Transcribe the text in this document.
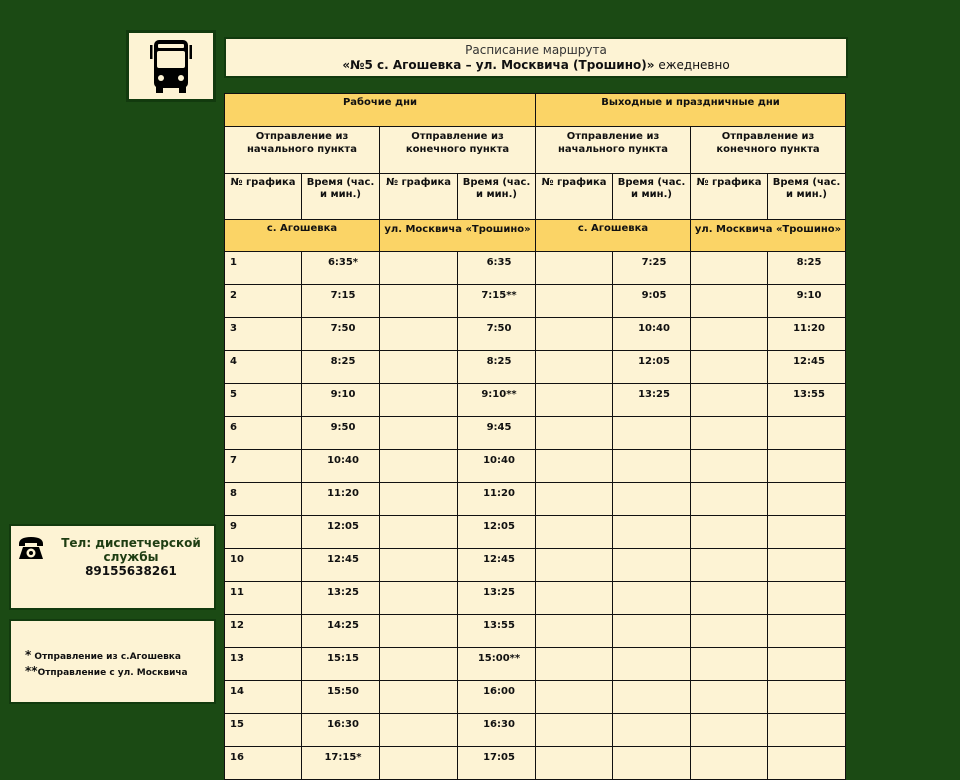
Расписание маршрута
«№5 с. Агошевка – ул. Москвича (Трошино)» ежедневно
Рабочие дни				Выходные и праздничные дни			
Отправление из начального пункта		Отправление из конечного пункта		Отправление из начального пункта		Отправление из конечного пункта	
№ графика	Время (час. и мин.)	№ графика	Время (час. и мин.)	№ графика	Время (час. и мин.)	№ графика	Время (час. и мин.)
с. Агошевка		ул. Москвича «Трошино»		с. Агошевка		ул. Москвича «Трошино»	
1	6:35*		6:35		7:25		8:25
2	7:15		7:15**		9:05		9:10
3	7:50		7:50		10:40		11:20
4	8:25		8:25		12:05		12:45
5	9:10		9:10**		13:25		13:55
6	9:50		9:45				
7	10:40		10:40				
8	11:20		11:20				
9	12:05		12:05				
10	12:45		12:45				
11	13:25		13:25				
12	14:25		13:55				
13	15:15		15:00**				
14	15:50		16:00				
15	16:30		16:30				
16	17:15*		17:05				
Тел: диспетчерской службы
89155638261
* Отправление из с.Агошевка
**Отправление с ул. Москвича
